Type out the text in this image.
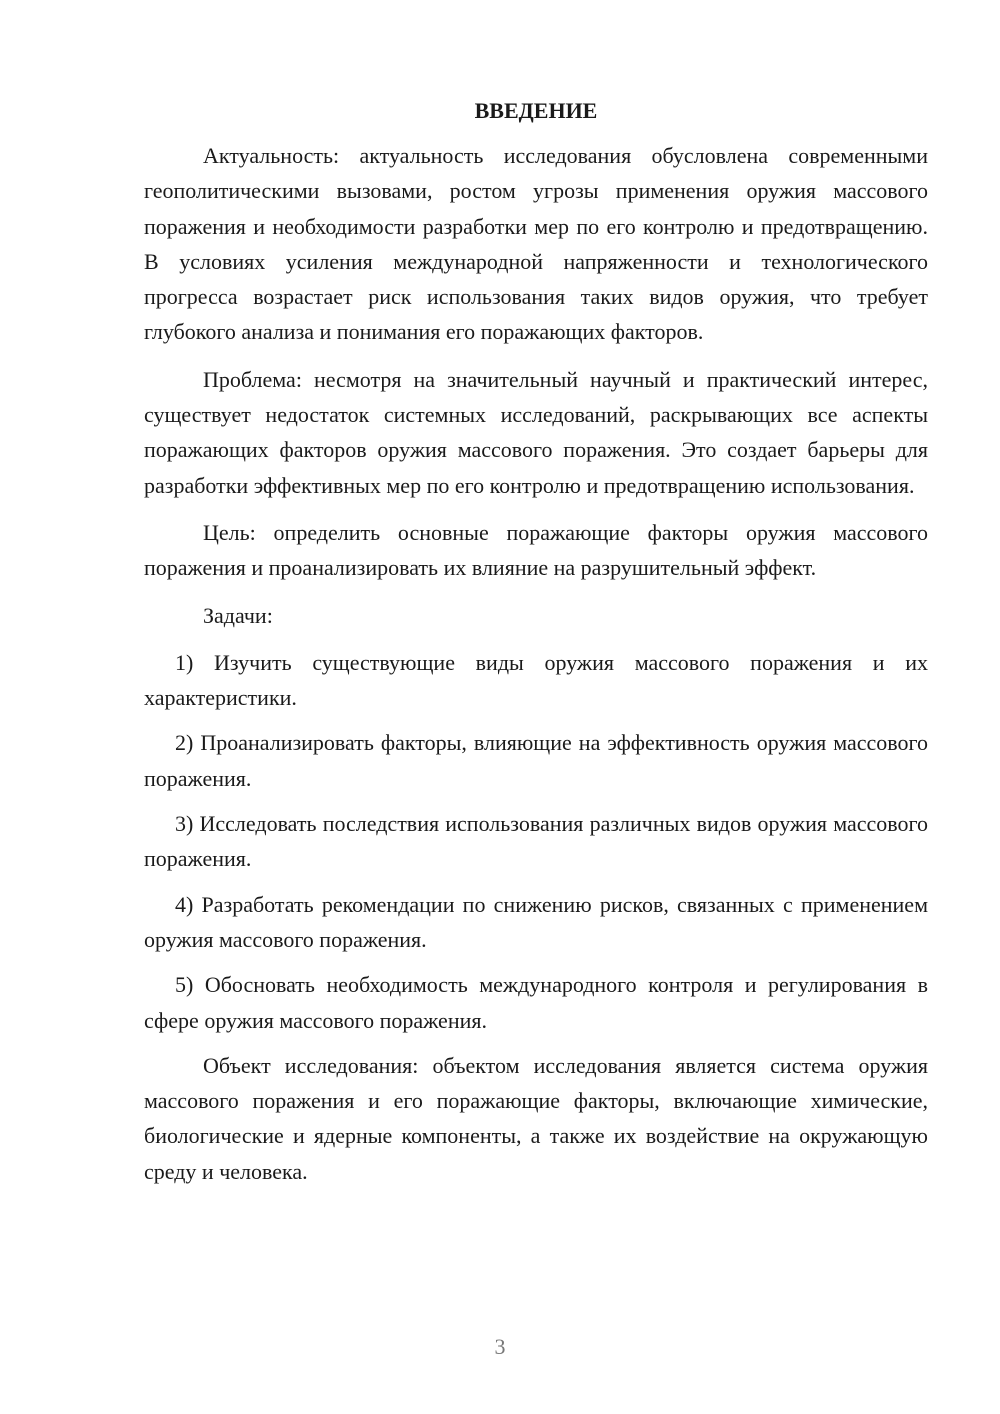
ВВЕДЕНИЕ

Актуальность: актуальность исследования обусловлена современными геополитическими вызовами, ростом угрозы применения оружия массового поражения и необходимости разработки мер по его контролю и предотвращению. В условиях усиления международной напряженности и технологического прогресса возрастает риск использования таких видов оружия, что требует глубокого анализа и понимания его поражающих факторов.

Проблема: несмотря на значительный научный и практический интерес, существует недостаток системных исследований, раскрывающих все аспекты поражающих факторов оружия массового поражения. Это создает барьеры для разработки эффективных мер по его контролю и предотвращению использования.

Цель: определить основные поражающие факторы оружия массового поражения и проанализировать их влияние на разрушительный эффект.

Задачи:

1) Изучить существующие виды оружия массового поражения и их характеристики.

2) Проанализировать факторы, влияющие на эффективность оружия массового поражения.

3) Исследовать последствия использования различных видов оружия массового поражения.

4) Разработать рекомендации по снижению рисков, связанных с применением оружия массового поражения.

5) Обосновать необходимость международного контроля и регулирования в сфере оружия массового поражения.

Объект исследования: объектом исследования является система оружия массового поражения и его поражающие факторы, включающие химические, биологические и ядерные компоненты, а также их воздействие на окружающую среду и человека.

3
